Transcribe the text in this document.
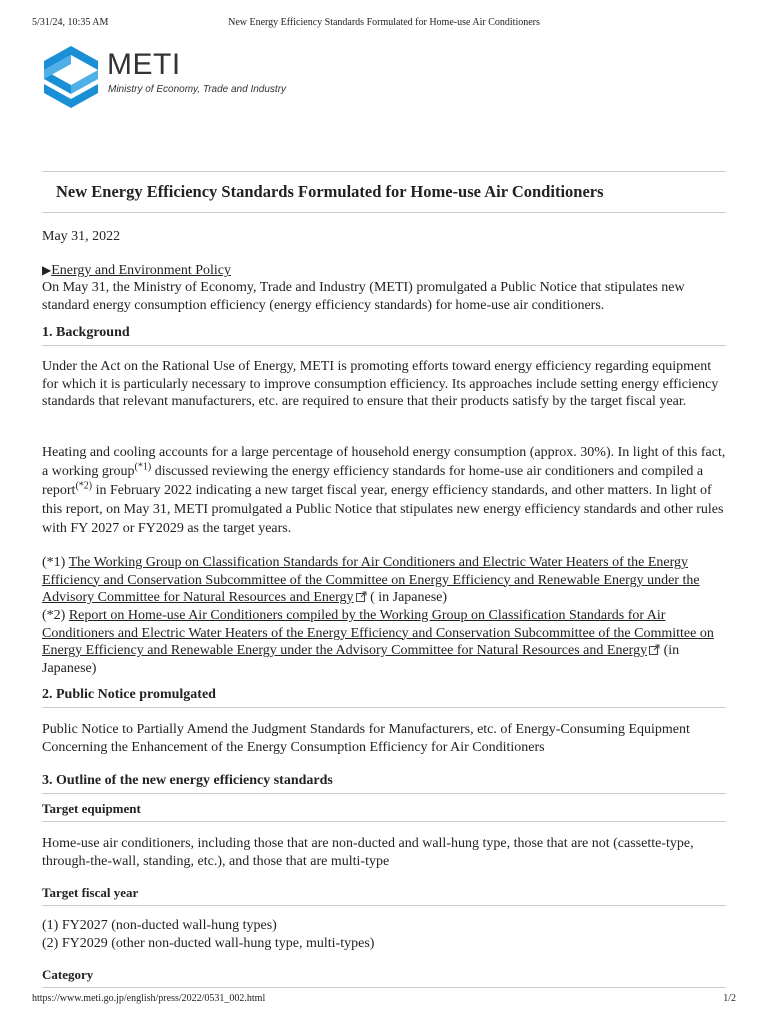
5/31/24, 10:35 AM	New Energy Efficiency Standards Formulated for Home-use Air Conditioners
METI
Ministry of Economy, Trade and Industry
New Energy Efficiency Standards Formulated for Home-use Air Conditioners
May 31, 2022
▶Energy and Environment Policy
On May 31, the Ministry of Economy, Trade and Industry (METI) promulgated a Public Notice that stipulates new standard energy consumption efficiency (energy efficiency standards) for home-use air conditioners.
1. Background
Under the Act on the Rational Use of Energy, METI is promoting efforts toward energy efficiency regarding equipment for which it is particularly necessary to improve consumption efficiency. Its approaches include setting energy efficiency standards that relevant manufacturers, etc. are required to ensure that their products satisfy by the target fiscal year.
Heating and cooling accounts for a large percentage of household energy consumption (approx. 30%). In light of this fact, a working group$^{(*1)}$ discussed reviewing the energy efficiency standards for home-use air conditioners and compiled a report$^{(*2)}$ in February 2022 indicating a new target fiscal year, energy efficiency standards, and other matters. In light of this report, on May 31, METI promulgated a Public Notice that stipulates new energy efficiency standards and other rules with FY 2027 or FY2029 as the target years.
(*1) The Working Group on Classification Standards for Air Conditioners and Electric Water Heaters of the Energy Efficiency and Conservation Subcommittee of the Committee on Energy Efficiency and Renewable Energy under the Advisory Committee for Natural Resources and Energy ( in Japanese)
(*2) Report on Home-use Air Conditioners compiled by the Working Group on Classification Standards for Air Conditioners and Electric Water Heaters of the Energy Efficiency and Conservation Subcommittee of the Committee on Energy Efficiency and Renewable Energy under the Advisory Committee for Natural Resources and Energy (in Japanese)
2. Public Notice promulgated
Public Notice to Partially Amend the Judgment Standards for Manufacturers, etc. of Energy-Consuming Equipment Concerning the Enhancement of the Energy Consumption Efficiency for Air Conditioners
3. Outline of the new energy efficiency standards
Target equipment
Home-use air conditioners, including those that are non-ducted and wall-hung type, those that are not (cassette-type, through-the-wall, standing, etc.), and those that are multi-type
Target fiscal year
(1) FY2027 (non-ducted wall-hung types)
(2) FY2029 (other non-ducted wall-hung type, multi-types)
Category
https://www.meti.go.jp/english/press/2022/0531_002.html	1/2
